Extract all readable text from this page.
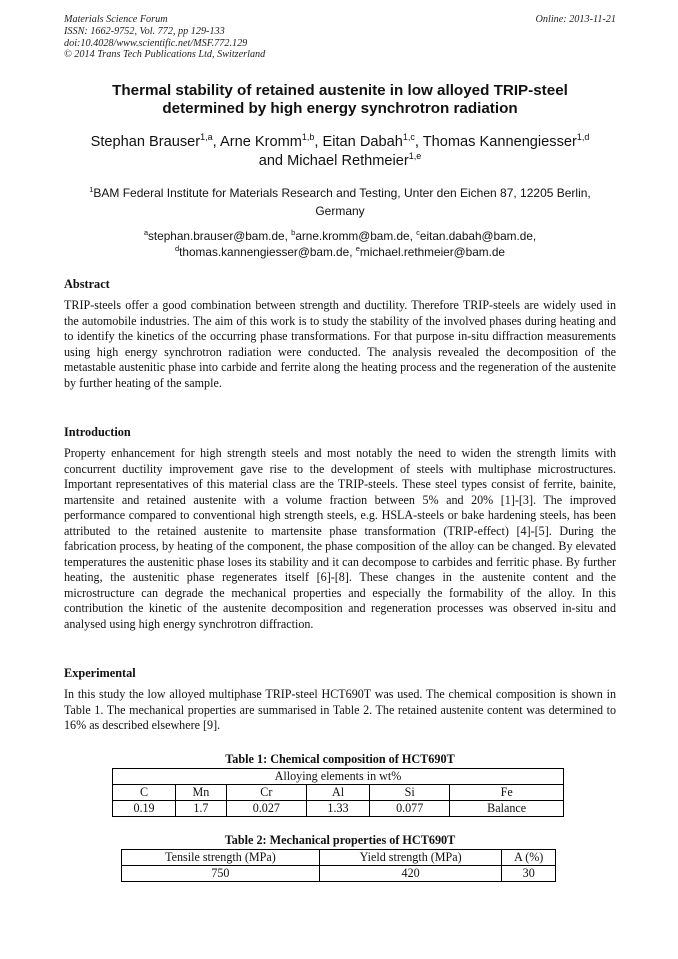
Materials Science Forum
ISSN: 1662-9752, Vol. 772, pp 129-133
doi:10.4028/www.scientific.net/MSF.772.129
© 2014 Trans Tech Publications Ltd, Switzerland
Online: 2013-11-21
Thermal stability of retained austenite in low alloyed TRIP-steel
determined by high energy synchrotron radiation
Stephan Brauser$^{1,a}$, Arne Kromm$^{1,b}$, Eitan Dabah$^{1,c}$, Thomas Kannengiesser$^{1,d}$
and Michael Rethmeier$^{1,e}$
$^1$BAM Federal Institute for Materials Research and Testing, Unter den Eichen 87, 12205 Berlin, Germany
$^a$stephan.brauser@bam.de, $^b$arne.kromm@bam.de, $^c$eitan.dabah@bam.de,
$^d$thomas.kannengiesser@bam.de, $^e$michael.rethmeier@bam.de
Abstract
TRIP-steels offer a good combination between strength and ductility. Therefore TRIP-steels are widely used in the automobile industries. The aim of this work is to study the stability of the involved phases during heating and to identify the kinetics of the occurring phase transformations. For that purpose in-situ diffraction measurements using high energy synchrotron radiation were conducted. The analysis revealed the decomposition of the metastable austenitic phase into carbide and ferrite along the heating process and the regeneration of the austenite by further heating of the sample.
Introduction
Property enhancement for high strength steels and most notably the need to widen the strength limits with concurrent ductility improvement gave rise to the development of steels with multiphase microstructures. Important representatives of this material class are the TRIP-steels. These steel types consist of ferrite, bainite, martensite and retained austenite with a volume fraction between 5% and 20% [1]-[3]. The improved performance compared to conventional high strength steels, e.g. HSLA-steels or bake hardening steels, has been attributed to the retained austenite to martensite phase transformation (TRIP-effect) [4]-[5]. During the fabrication process, by heating of the component, the phase composition of the alloy can be changed. By elevated temperatures the austenitic phase loses its stability and it can decompose to carbides and ferritic phase. By further heating, the austenitic phase regenerates itself [6]-[8]. These changes in the austenite content and the microstructure can degrade the mechanical properties and especially the formability of the alloy. In this contribution the kinetic of the austenite decomposition and regeneration processes was observed in-situ and analysed using high energy synchrotron diffraction.
Experimental
In this study the low alloyed multiphase TRIP-steel HCT690T was used. The chemical composition is shown in Table 1. The mechanical properties are summarised in Table 2. The retained austenite content was determined to 16% as described elsewhere [9].
Table 1: Chemical composition of HCT690T
Alloying elements in wt%					
C	Mn	Cr	Al	Si	Fe
0.19	1.7	0.027	1.33	0.077	Balance
Table 2: Mechanical properties of HCT690T
Tensile strength (MPa)	Yield strength (MPa)	A (%)
750	420	30
